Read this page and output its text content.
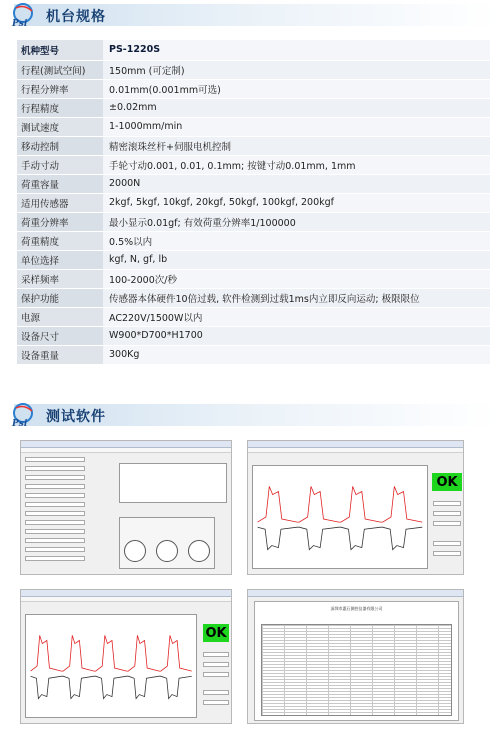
Psi 机台规格
机种型号	PS-1220S
行程(测试空间)	150mm (可定制)
行程分辨率	0.01mm(0.001mm可选)
行程精度	±0.02mm
测试速度	1-1000mm/min
移动控制	精密滚珠丝杆+伺服电机控制
手动寸动	手轮寸动0.001, 0.01, 0.1mm; 按键寸动0.01mm, 1mm
荷重容量	2000N
适用传感器	2kgf, 5kgf, 10kgf, 20kgf, 50kgf, 100kgf, 200kgf
荷重分辨率	最小显示0.01gf; 有效荷重分辨率1/100000
荷重精度	0.5%以内
单位选择	kgf, N, gf, lb
采样频率	100-2000次/秒
保护功能	传感器本体硬件10倍过载, 软件检测到过载1ms内立即反向运动; 极限限位
电源	AC220V/1500W以内
设备尺寸	W900*D700*H1700
设备重量	300Kg
Psi 测试软件
OK
OK
深圳市惠石测控仪器有限公司
